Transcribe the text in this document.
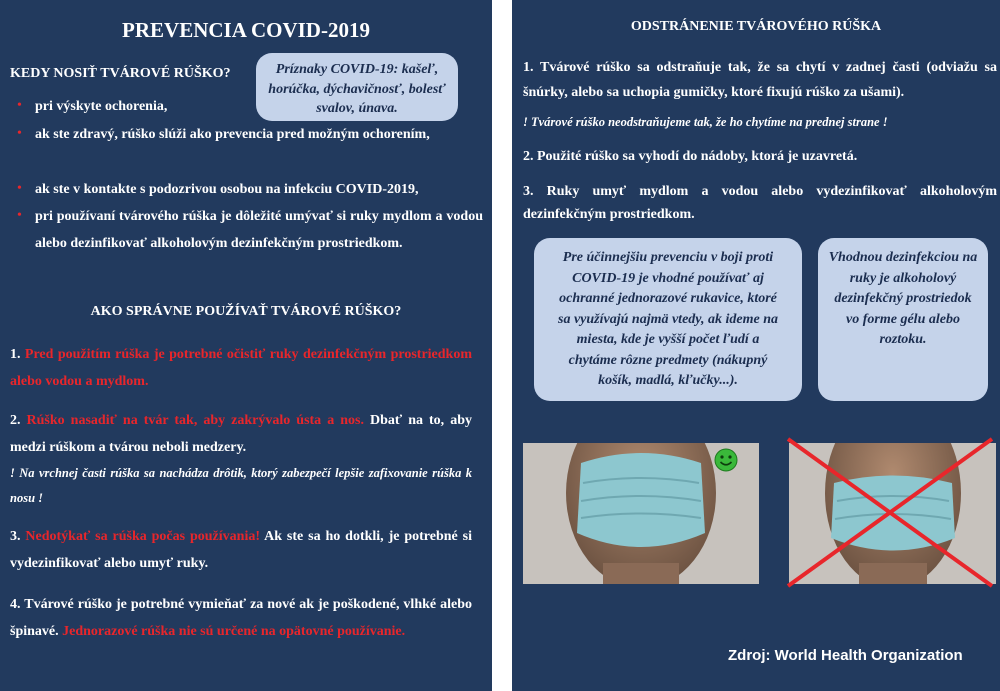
PREVENCIA COVID-2019
KEDY NOSIŤ TVÁROVÉ RÚŠKO?	Príznaky COVID-19: kašeľ, horúčka, dýchavičnosť, bolesť svalov, únava.
• pri výskyte ochorenia,
• ak ste zdravý, rúško slúži ako prevencia pred možným ochorením,
• ak ste v kontakte s podozrivou osobou na infekciu COVID-2019,
• pri používaní tvárového rúška je dôležité umývať si ruky mydlom a vodou alebo dezinfikovať alkoholovým dezinfekčným prostriedkom.
AKO SPRÁVNE POUŽÍVAŤ TVÁROVÉ RÚŠKO?
1. Pred použitím rúška je potrebné očistiť ruky dezinfekčným prostriedkom alebo vodou a mydlom.
2. Rúško nasadiť na tvár tak, aby zakrývalo ústa a nos. Dbať na to, aby medzi rúškom a tvárou neboli medzery.
! Na vrchnej časti rúška sa nachádza drôtik, ktorý zabezpečí lepšie zafixovanie rúška k nosu !
3. Nedotýkať sa rúška počas používania! Ak ste sa ho dotkli, je potrebné si vydezinfikovať alebo umyť ruky.
4. Tvárové rúško je potrebné vymieňať za nové ak je poškodené, vlhké alebo špinavé. Jednorazové rúška nie sú určené na opätovné používanie.
ODSTRÁNENIE TVÁROVÉHO RÚŠKA
1. Tvárové rúško sa odstraňuje tak, že sa chytí v zadnej časti (odviažu sa šnúrky, alebo sa uchopia gumičky, ktoré fixujú rúško za ušami).
! Tvárové rúško neodstraňujeme tak, že ho chytíme na prednej strane !
2. Použité rúško sa vyhodí do nádoby, ktorá je uzavretá.
3. Ruky umyť mydlom a vodou alebo vydezinfikovať alkoholovým dezinfekčným prostriedkom.
Pre účinnejšiu prevenciu v boji proti COVID-19 je vhodné používať aj ochranné jednorazové rukavice, ktoré sa využívajú najmä vtedy, ak ideme na miesta, kde je vyšší počet ľudí a chytáme rôzne predmety (nákupný košík, madlá, kľučky...).
Vhodnou dezinfekciou na ruky je alkoholový dezinfekčný prostriedok vo forme gélu alebo roztoku.
Zdroj: World Health Organization
